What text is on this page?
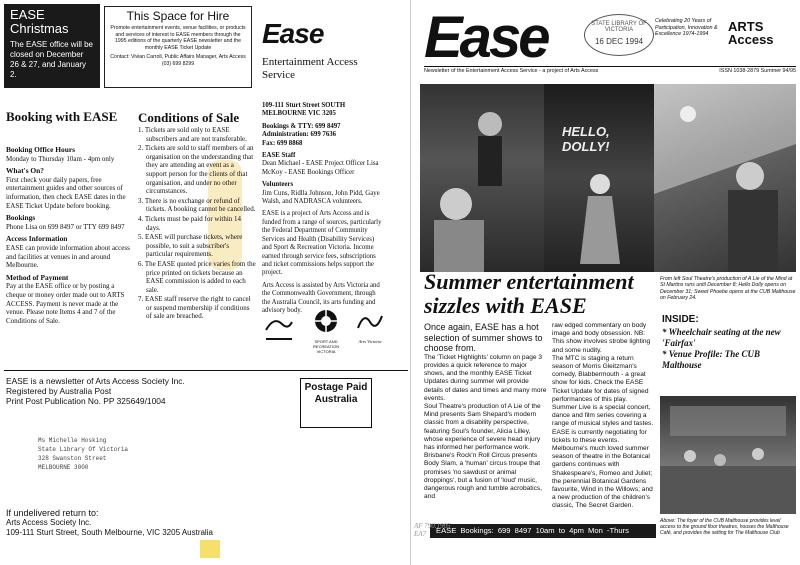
EASE Christmas
The EASE office will be closed on December 26 & 27, and January 2.
This Space for Hire
Promote entertainment events, venue facilities, or products and services of interest to EASE members through the 1995 editions of the quarterly EASE newsletter and the monthly EASE Ticket Update
Contact: Vivian Carroll, Public Affairs Manager, Arts Access (03) 699 8299
Booking with EASE
Booking Office Hours

Monday to Thursday 10am - 4pm only

What's On?

First check your daily papers, free entertainment guides and other sources of information, then check EASE dates in the EASE Ticket Update before booking.

Bookings

Phone Lisa on 699 8497 or TTY 699 8497

Access Information

EASE can provide information about access and facilities at venues in and around Melbourne.

Method of Payment

Pay at the EASE office or by posting a cheque or money order made out to ARTS ACCESS. Payment is never made at the venue. Please note Items 4 and 7 of the Conditions of Sale.

Conditions of Sale
1. Tickets are sold only to EASE subscribers and are not transferable.
2. Tickets are sold to staff members of an organisation on the understanding that they are attending an event as a support person for the clients of that organisation, and under no other circumstances.
3. There is no exchange or refund of tickets. A booking cannot be cancelled.
4. Tickets must be paid for within 14 days.
5. EASE will purchase tickets, where possible, to suit a subscriber's particular requirements.
6. The EASE quoted price varies from the price printed on tickets because an EASE commission is added to each sale.
7. EASE staff reserve the right to cancel or suspend membership if conditions of sale are breached.
Ease
Entertainment Access Service

109-111 Sturt Street SOUTH MELBOURNE VIC 3205

Bookings & TTY: 699 8497

Administration: 699 7636

Fax: 699 8868

EASE Staff

Dean Michael - EASE Project Officer Lisa McKoy - EASE Bookings Officer

Volunteers

Jim Cuns, Ridlla Johnson, John Pidd, Gaye Walsh, and NADRASCA volunteers.

EASE is a project of Arts Access and is funded from a range of sources, particularly the Federal Department of Community Services and Health (Disability Services) and Sport & Recreation Victoria. Income earned through service fees, subscriptions and ticket commissions helps support the project.

Arts Access is assisted by Arts Victoria and the Commonwealth Government, through the Australia Council, its arts funding and advisory body.

SPORT AND RECREATION VICTORIA
Arts Victoria

EASE is a newsletter of Arts Access Society Inc.

Registered by Australia Post

Print Post Publication No. PP 325649/1004

Postage Paid Australia

Ms Michelle Hosking

State Library Of Victoria

328 Swanston Street

MELBOURNE 3000

If undelivered return to:

Arts Access Society Inc.

109-111 Sturt Street, South Melbourne, VIC 3205 Australia

Ease	STATE LIBRARY OF VICTORIA
16 DEC 1994
Celebrating 20 Years of Participation, Innovation & Excellence 1974-1994
ARTS Access
Newsletter of the Entertainment Access Service - a project of Arts Access	ISSN 1038-2879 Summer 94/95
HELLO, DOLLY!
From left Soul Theatre's production of A Lie of the Mind at St Martins runs until December 8; Hello Dolly opens on December 31; Sweet Phoebe opens at the CUB Malthouse on February 24.
Summer entertainment sizzles with EASE

Once again, EASE has a hot selection of summer shows to choose from.

The 'Ticket Highlights' column on page 3 provides a quick reference to major shows, and the monthly EASE Ticket Updates during summer will provide details of dates and times and many more events.

Soul Theatre's production of A Lie of the Mind presents Sam Shepard's modern classic from a disability perspective, featuring Soul's founder, Alicia Lilley, whose experience of severe head injury has informed her performance work.

Brisbane's Rock'n Roll Circus presents Body Slam, a 'human' circus troupe that promises 'no sawdust or animal droppings', but a fusion of 'loud' music, dangerous rough and tumble acrobatics, and

raw edged commentary on body image and body obsession. NB: This show involves strobe lighting and some nudity.

The MTC is staging a return season of Morris Gleitzman's comedy, Blabbermouth - a great show for kids. Check the EASE Ticket Update for dates of signed performances of this play.

Summer Live is a special concert, dance and film series covering a range of musical styles and tastes. EASE is currently negotiating for tickets to these events.

Melbourne's much loved summer season of theatre in the Botanical gardens continues with Shakespeare's, Romeo and Juliet; the perennial Botanical Gardens favourite, Wind in the Willows; and a new production of the children's classic, The Secret Garden.

INSIDE:

* Wheelchair seating at the new 'Fairfax'

* Venue Profile: The CUB Malthouse

Above: The foyer of the CUB Malthouse provides level access to the ground floor theatres, houses the Malthouse Café, and provides the setting for The Malthouse Club
EASE Bookings: 699 8497 10am to 4pm Mon -Thurs
AF 790.1905 EA7
